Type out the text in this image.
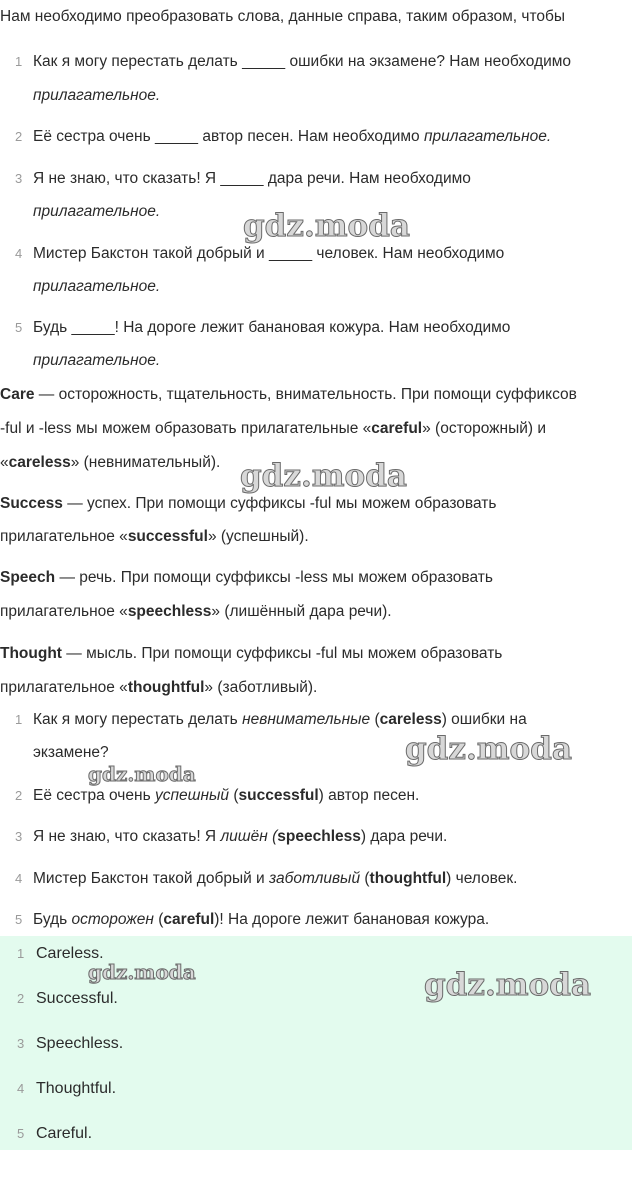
Нам необходимо преобразовать слова, данные справа, таким образом, чтобы
1 Как я могу перестать делать _____ ошибки на экзамене? Нам необходимо
прилагательное.
2 Её сестра очень _____ автор песен. Нам необходимо прилагательное.
3 Я не знаю, что сказать! Я _____ дара речи. Нам необходимо
прилагательное.
4 Мистер Бакстон такой добрый и _____ человек. Нам необходимо
прилагательное.
5 Будь _____! На дороге лежит банановая кожура. Нам необходимо
прилагательное.
Care — осторожность, тщательность, внимательность. При помощи суффиксов
-ful и -less мы можем образовать прилагательные «careful» (осторожный) и
«careless» (невнимательный).
Success — успех. При помощи суффиксы -ful мы можем образовать
прилагательное «successful» (успешный).
Speech — речь. При помощи суффиксы -less мы можем образовать
прилагательное «speechless» (лишённый дара речи).
Thought — мысль. При помощи суффиксы -ful мы можем образовать
прилагательное «thoughtful» (заботливый).
1 Как я могу перестать делать невнимательные (careless) ошибки на
экзамене?
2 Её сестра очень успешный (successful) автор песен.
3 Я не знаю, что сказать! Я лишён (speechless) дара речи.
4 Мистер Бакстон такой добрый и заботливый (thoughtful) человек.
5 Будь осторожен (careful)! На дороге лежит банановая кожура.
1 Careless.
2 Successful.
3 Speechless.
4 Thoughtful.
5 Careful.
gdz.moda
gdz.moda
gdz.moda
gdz.moda
gdz.moda	gdz.moda
